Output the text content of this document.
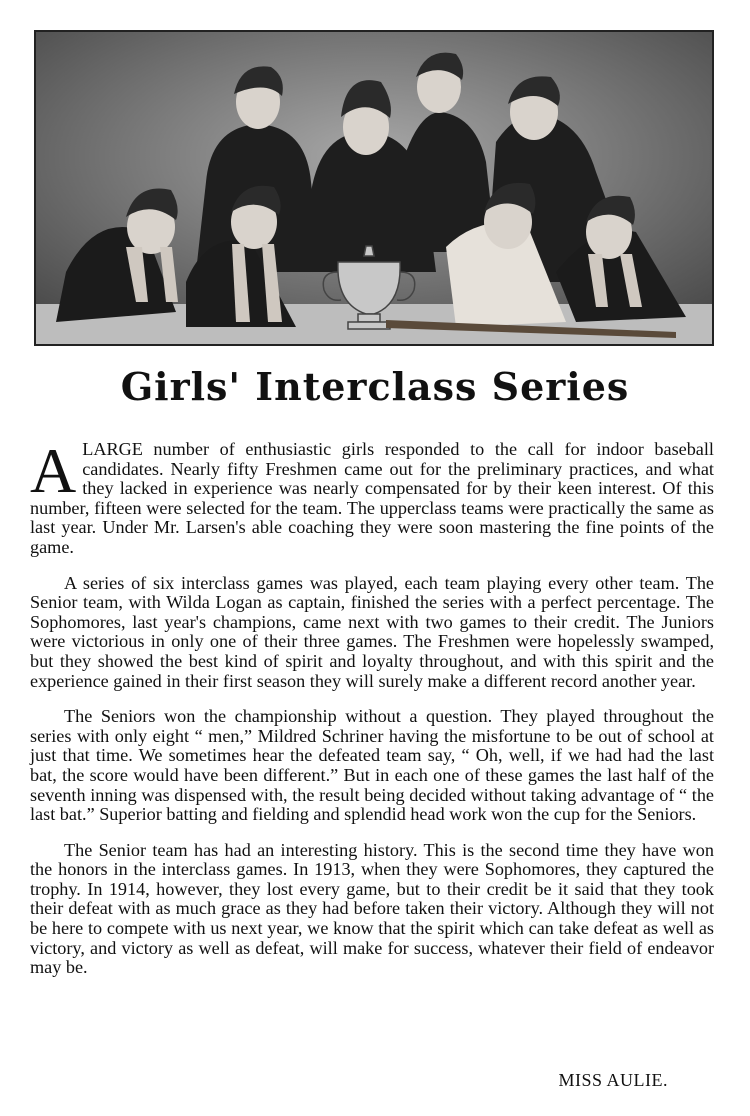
Girls' Interclass Series

ALARGE number of enthusiastic girls responded to the call for indoor baseball candidates. Nearly fifty Freshmen came out for the preliminary practices, and what they lacked in experience was nearly compensated for by their keen interest. Of this number, fifteen were selected for the team. The upperclass teams were practically the same as last year. Under Mr. Larsen's able coaching they were soon mastering the fine points of the game.

A series of six interclass games was played, each team playing every other team. The Senior team, with Wilda Logan as captain, finished the series with a perfect percentage. The Sophomores, last year's champions, came next with two games to their credit. The Juniors were victorious in only one of their three games. The Freshmen were hopelessly swamped, but they showed the best kind of spirit and loyalty throughout, and with this spirit and the experience gained in their first season they will surely make a different record another year.

The Seniors won the championship without a question. They played throughout the series with only eight “ men,” Mildred Schriner having the misfortune to be out of school at just that time. We sometimes hear the defeated team say, “ Oh, well, if we had had the last bat, the score would have been different.” But in each one of these games the last half of the seventh inning was dispensed with, the result being decided without taking advantage of “ the last bat.” Superior batting and fielding and splendid head work won the cup for the Seniors.

The Senior team has had an interesting history. This is the second time they have won the honors in the interclass games. In 1913, when they were Sophomores, they captured the trophy. In 1914, however, they lost every game, but to their credit be it said that they took their defeat with as much grace as they had before taken their victory. Although they will not be here to compete with us next year, we know that the spirit which can take defeat as well as victory, and victory as well as defeat, will make for success, whatever their field of endeavor may be.

MISS AULIE.
